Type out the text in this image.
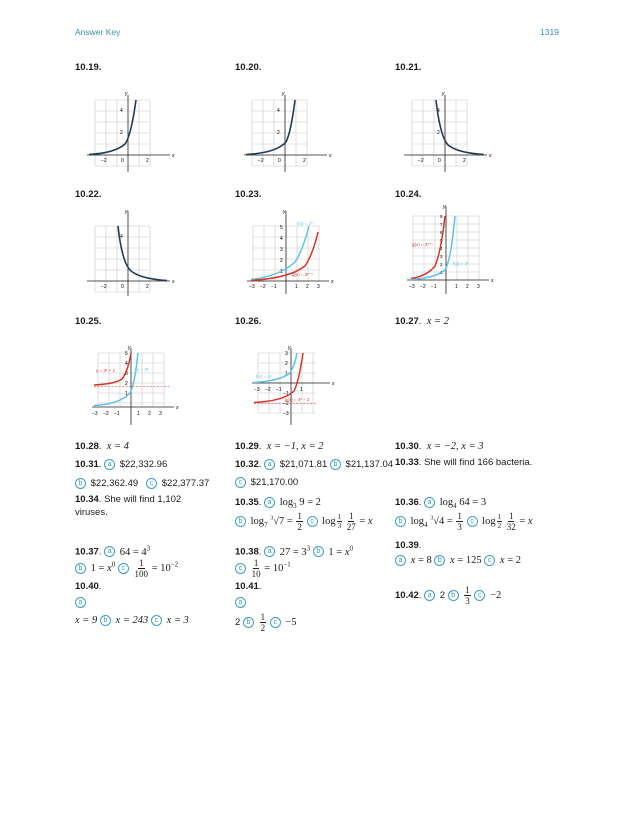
Answer Key	1319
10.19.	10.20.	10.21.
x
y
4
2
−2	0	2
x
y
4
2
−2	0	2
x
y
4
2
−2	0	2
10.22.	10.23.	10.24.
x
y
4
−2	0	2
x
y
5
4
3
2
1
−3 −2 −1	1 2 3
f(x) = 2ˣ
g(x) = 2ˣ⁻¹
x
y
8
7
6
5
4
3
2
1
−3 −2 −1	1 2 3
g(x) = 3ˣ⁺¹
f(x) = 3ˣ
10.25.	10.26.	10.27.  x = 2
x
y
5
4
3
2
1
−3 −2 −1	1 2 3
y = 3ˣ + 2	y = 3ˣ
x
y
3
2
1
−1
−2
−3
−3 −2 −1	1
f(x) = 4ˣ
g(x) = 4ˣ − 2
10.28.  x = 4	10.29.  x = −1, x = 2	10.30.  x = −2, x = 3
10.31. a $22,332.96
b $22,362.49 c $22,377.37
10.32. a $21,071.81 b $21,137.04
c $21,170.00
10.33. She will find 166 bacteria.
10.34. She will find 1,102
viruses.
10.35. a $\log_3 9 = 2$
b $\log_7 ^3√7 = \frac{1}{2}$ c $\log \frac{1}{3}$
$\frac{1}{27} = x$
10.36. a $\log_4 64 = 3$
b $\log_4 ^3√4 = \frac{1}{3}$ c $\log \frac{1}{2}$
$\frac{1}{32} = x$
10.37. a $64 = 4^3$
b $1 = x^0$ c $\frac{1}{100} = 10^{-2}$
10.38. a $27 = 3^3$ b $1 = x^0$
c $\frac{1}{10} = 10^{-1}$
10.39.
a x = 8 b x = 125 c x = 2
10.40.
a
x = 9 b x = 243 c x = 3
10.41.
a
2 b $\frac{1}{2}$ c −5
10.42. a 2 b $\frac{1}{3}$ c −2
